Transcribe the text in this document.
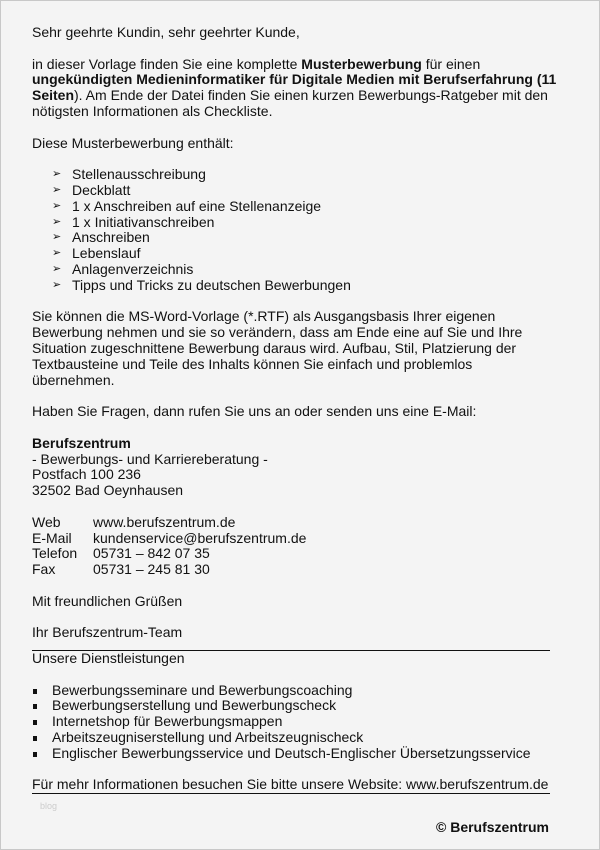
Sehr geehrte Kundin, sehr geehrter Kunde,
in dieser Vorlage finden Sie eine komplette Musterbewerbung für einen
ungekündigten Medieninformatiker für Digitale Medien mit Berufserfahrung (11
Seiten). Am Ende der Datei finden Sie einen kurzen Bewerbungs-Ratgeber mit den
nötigsten Informationen als Checkliste.
Diese Musterbewerbung enthält:
➢ Stellenausschreibung
➢ Deckblatt
➢ 1 x Anschreiben auf eine Stellenanzeige
➢ 1 x Initiativanschreiben
➢ Anschreiben
➢ Lebenslauf
➢ Anlagenverzeichnis
➢ Tipps und Tricks zu deutschen Bewerbungen
Sie können die MS-Word-Vorlage (*.RTF) als Ausgangsbasis Ihrer eigenen
Bewerbung nehmen und sie so verändern, dass am Ende eine auf Sie und Ihre
Situation zugeschnittene Bewerbung daraus wird. Aufbau, Stil, Platzierung der
Textbausteine und Teile des Inhalts können Sie einfach und problemlos
übernehmen.
Haben Sie Fragen, dann rufen Sie uns an oder senden uns eine E-Mail:
Berufszentrum
- Bewerbungs- und Karriereberatung -
Postfach 100 236
32502 Bad Oeynhausen
Web	www.berufszentrum.de
E-Mail	kundenservice@berufszentrum.de
Telefon	05731 – 842 07 35
Fax	05731 – 245 81 30
Mit freundlichen Grüßen
Ihr Berufszentrum-Team
Unsere Dienstleistungen
Bewerbungsseminare und Bewerbungscoaching
Bewerbungserstellung und Bewerbungscheck
Internetshop für Bewerbungsmappen
Arbeitszeugniserstellung und Arbeitszeugnischeck
Englischer Bewerbungsservice und Deutsch-Englischer Übersetzungsservice
Für mehr Informationen besuchen Sie bitte unsere Website: www.berufszentrum.de
blog
© Berufszentrum
